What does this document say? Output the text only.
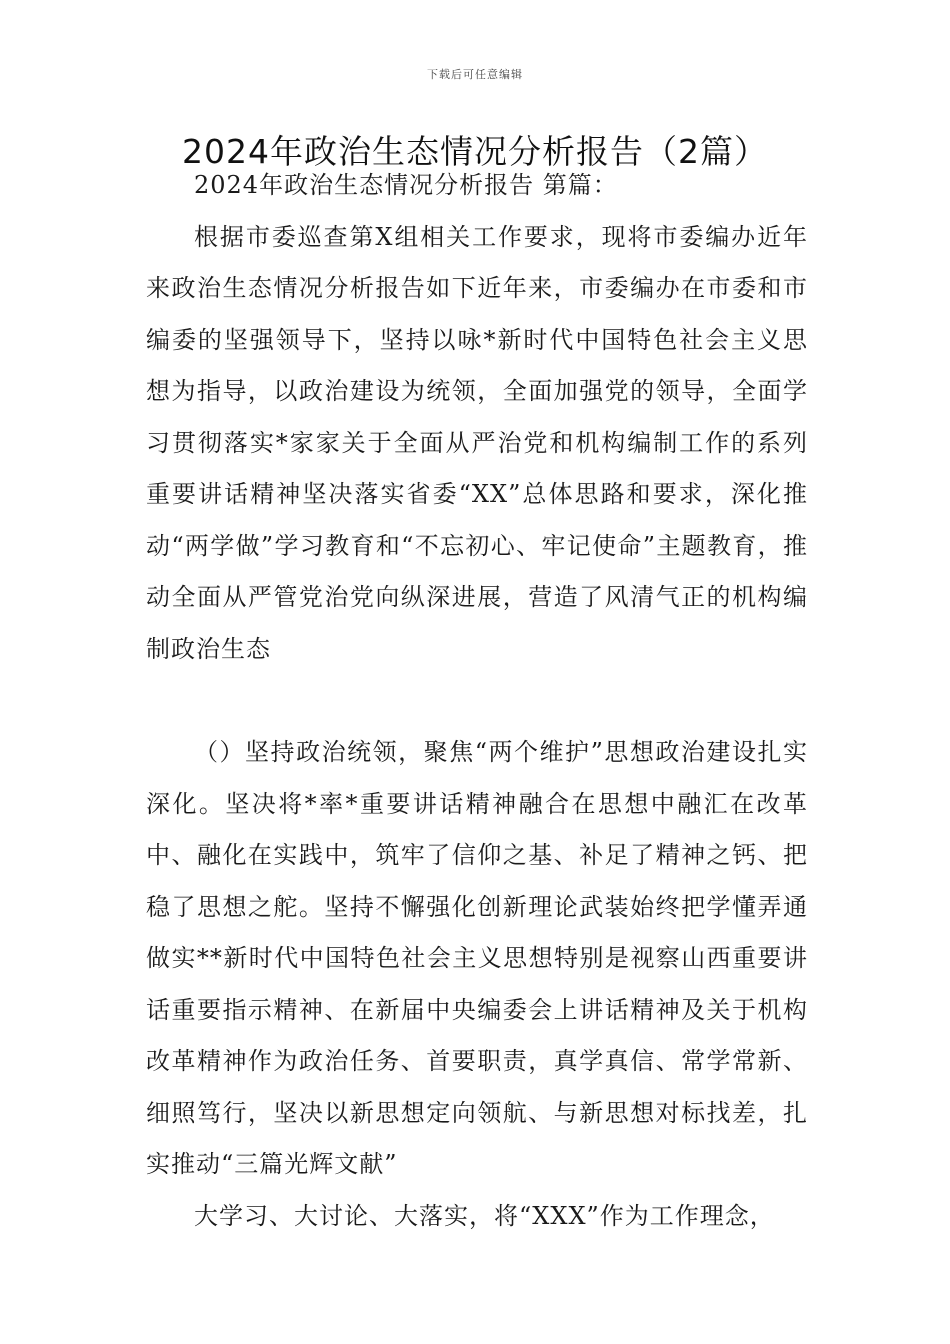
下载后可任意编辑
2024年政治生态情况分析报告（2篇）

2024年政治生态情况分析报告 第篇：

根据市委巡查第X组相关工作要求，现将市委编办近年来政治生态情况分析报告如下近年来，市委编办在市委和市编委的坚强领导下，坚持以咏*新时代中国特色社会主义思想为指导，以政治建设为统领，全面加强党的领导，全面学习贯彻落实*家家关于全面从严治党和机构编制工作的系列重要讲话精神坚决落实省委“XX”总体思路和要求，深化推动“两学做”学习教育和“不忘初心、牢记使命”主题教育，推动全面从严管党治党向纵深进展，营造了风清气正的机构编制政治生态

（）坚持政治统领，聚焦“两个维护”思想政治建设扎实深化。坚决将*率*重要讲话精神融合在思想中融汇在改革中、融化在实践中，筑牢了信仰之基、补足了精神之钙、把稳了思想之舵。坚持不懈强化创新理论武装始终把学懂弄通做实**新时代中国特色社会主义思想特别是视察山西重要讲话重要指示精神、在新届中央编委会上讲话精神及关于机构改革精神作为政治任务、首要职责，真学真信、常学常新、细照笃行，坚决以新思想定向领航、与新思想对标找差，扎实推动“三篇光辉文献”

大学习、大讨论、大落实，将“XXX”作为工作理念，
